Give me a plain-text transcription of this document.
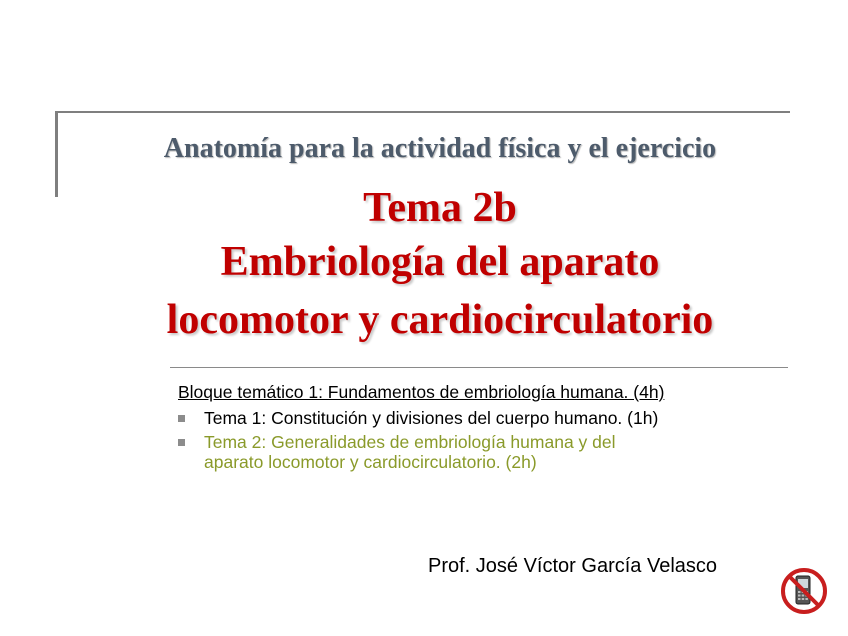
Anatomía para la actividad física y el ejercicio
Tema 2b
Embriología del aparato
locomotor y cardiocirculatorio
Bloque temático 1: Fundamentos de embriología humana. (4h)
Tema 1: Constitución y divisiones del cuerpo humano. (1h)
Tema 2: Generalidades de embriología humana y del
aparato locomotor y cardiocirculatorio. (2h)
Prof. José Víctor García Velasco
